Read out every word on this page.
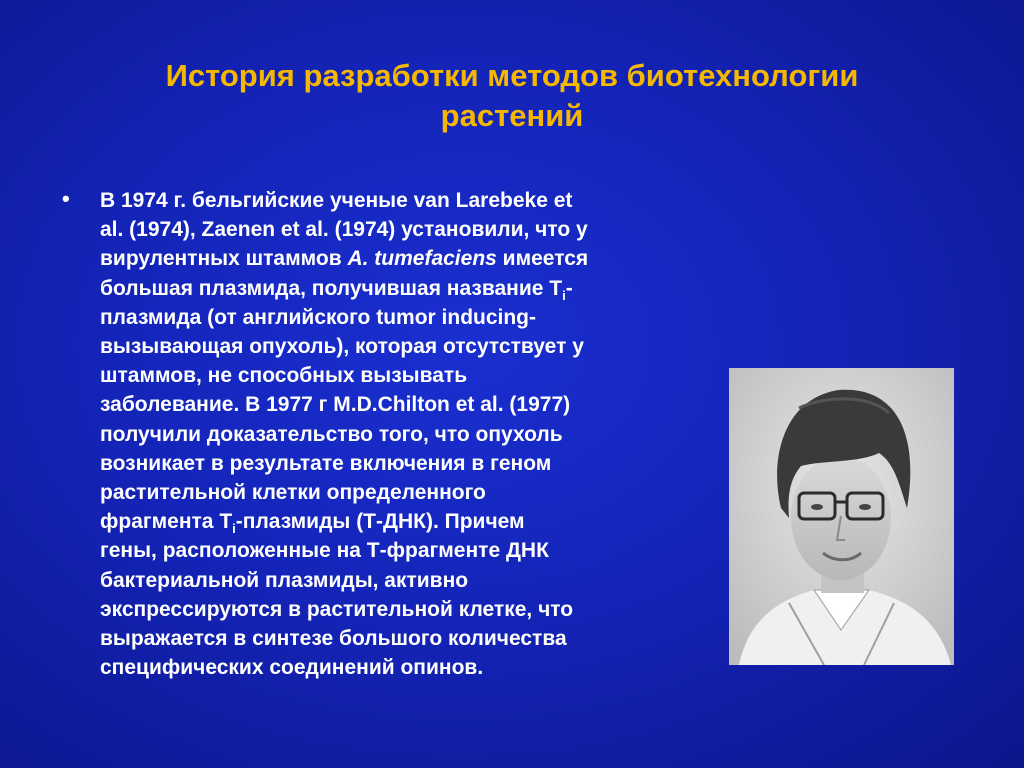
История разработки методов биотехнологии
растений
• В 1974 г. бельгийские ученые van Larebeke et
al. (1974), Zaenen et al. (1974) установили, что у
вирулентных штаммов A. tumefaciens имеется
большая плазмида, получившая название $Т_i-$
плазмида (от английского tumor inducing-
вызывающая опухоль), которая отсутствует у
штаммов, не способных вызывать
заболевание. В 1977 г M.D.Chilton et al. (1977)
получили доказательство того, что опухоль
возникает в результате включения в геном
растительной клетки определенного
фрагмента $Т_i$-плазмиды (Т-ДНК). Причем
гены, расположенные на Т-фрагменте ДНК
бактериальной плазмиды, активно
экспрессируются в растительной клетке, что
выражается в синтезе большого количества
специфических соединений опинов.
